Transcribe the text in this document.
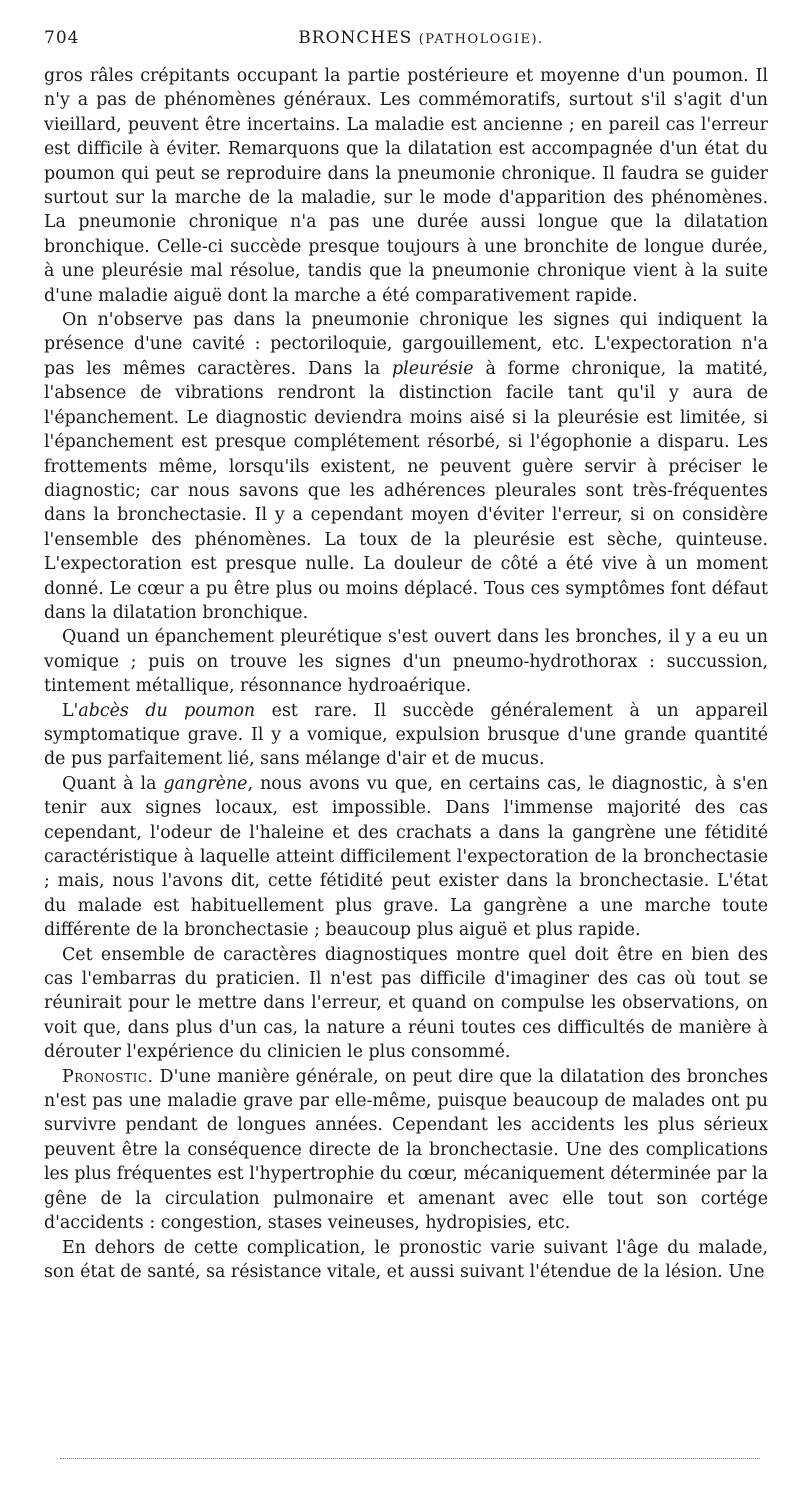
704	BRONCHES (PATHOLOGIE).

gros râles crépitants occupant la partie postérieure et moyenne d'un poumon. Il n'y a pas de phénomènes généraux. Les commémoratifs, surtout s'il s'agit d'un vieillard, peuvent être incertains. La maladie est ancienne ; en pareil cas l'erreur est difficile à éviter. Remarquons que la dilatation est accompagnée d'un état du poumon qui peut se reproduire dans la pneumonie chronique. Il faudra se guider surtout sur la marche de la maladie, sur le mode d'apparition des phénomènes. La pneumonie chronique n'a pas une durée aussi longue que la dilatation bronchique. Celle-ci succède presque toujours à une bronchite de longue durée, à une pleurésie mal résolue, tandis que la pneumonie chronique vient à la suite d'une maladie aiguë dont la marche a été comparativement rapide.

On n'observe pas dans la pneumonie chronique les signes qui indiquent la présence d'une cavité : pectoriloquie, gargouillement, etc. L'expectoration n'a pas les mêmes caractères. Dans la pleurésie à forme chronique, la matité, l'absence de vibrations rendront la distinction facile tant qu'il y aura de l'épanchement. Le diagnostic deviendra moins aisé si la pleurésie est limitée, si l'épanchement est presque complétement résorbé, si l'égophonie a disparu. Les frottements même, lorsqu'ils existent, ne peuvent guère servir à préciser le diagnostic; car nous savons que les adhérences pleurales sont très-fréquentes dans la bronchectasie. Il y a cependant moyen d'éviter l'erreur, si on considère l'ensemble des phénomènes. La toux de la pleurésie est sèche, quinteuse. L'expectoration est presque nulle. La douleur de côté a été vive à un moment donné. Le cœur a pu être plus ou moins déplacé. Tous ces symptômes font défaut dans la dilatation bronchique.

Quand un épanchement pleurétique s'est ouvert dans les bronches, il y a eu un vomique ; puis on trouve les signes d'un pneumo-hydrothorax : succussion, tintement métallique, résonnance hydroaérique.

L'abcès du poumon est rare. Il succède généralement à un appareil symptomatique grave. Il y a vomique, expulsion brusque d'une grande quantité de pus parfaitement lié, sans mélange d'air et de mucus.

Quant à la gangrène, nous avons vu que, en certains cas, le diagnostic, à s'en tenir aux signes locaux, est impossible. Dans l'immense majorité des cas cependant, l'odeur de l'haleine et des crachats a dans la gangrène une fétidité caractéristique à laquelle atteint difficilement l'expectoration de la bronchectasie ; mais, nous l'avons dit, cette fétidité peut exister dans la bronchectasie. L'état du malade est habituellement plus grave. La gangrène a une marche toute différente de la bronchectasie ; beaucoup plus aiguë et plus rapide.

Cet ensemble de caractères diagnostiques montre quel doit être en bien des cas l'embarras du praticien. Il n'est pas difficile d'imaginer des cas où tout se réunirait pour le mettre dans l'erreur, et quand on compulse les observations, on voit que, dans plus d'un cas, la nature a réuni toutes ces difficultés de manière à dérouter l'expérience du clinicien le plus consommé.

Pronostic. D'une manière générale, on peut dire que la dilatation des bronches n'est pas une maladie grave par elle-même, puisque beaucoup de malades ont pu survivre pendant de longues années. Cependant les accidents les plus sérieux peuvent être la conséquence directe de la bronchectasie. Une des complications les plus fréquentes est l'hypertrophie du cœur, mécaniquement déterminée par la gêne de la circulation pulmonaire et amenant avec elle tout son cortége d'accidents : congestion, stases veineuses, hydropisies, etc.

En dehors de cette complication, le pronostic varie suivant l'âge du malade, son état de santé, sa résistance vitale, et aussi suivant l'étendue de la lésion. Une
